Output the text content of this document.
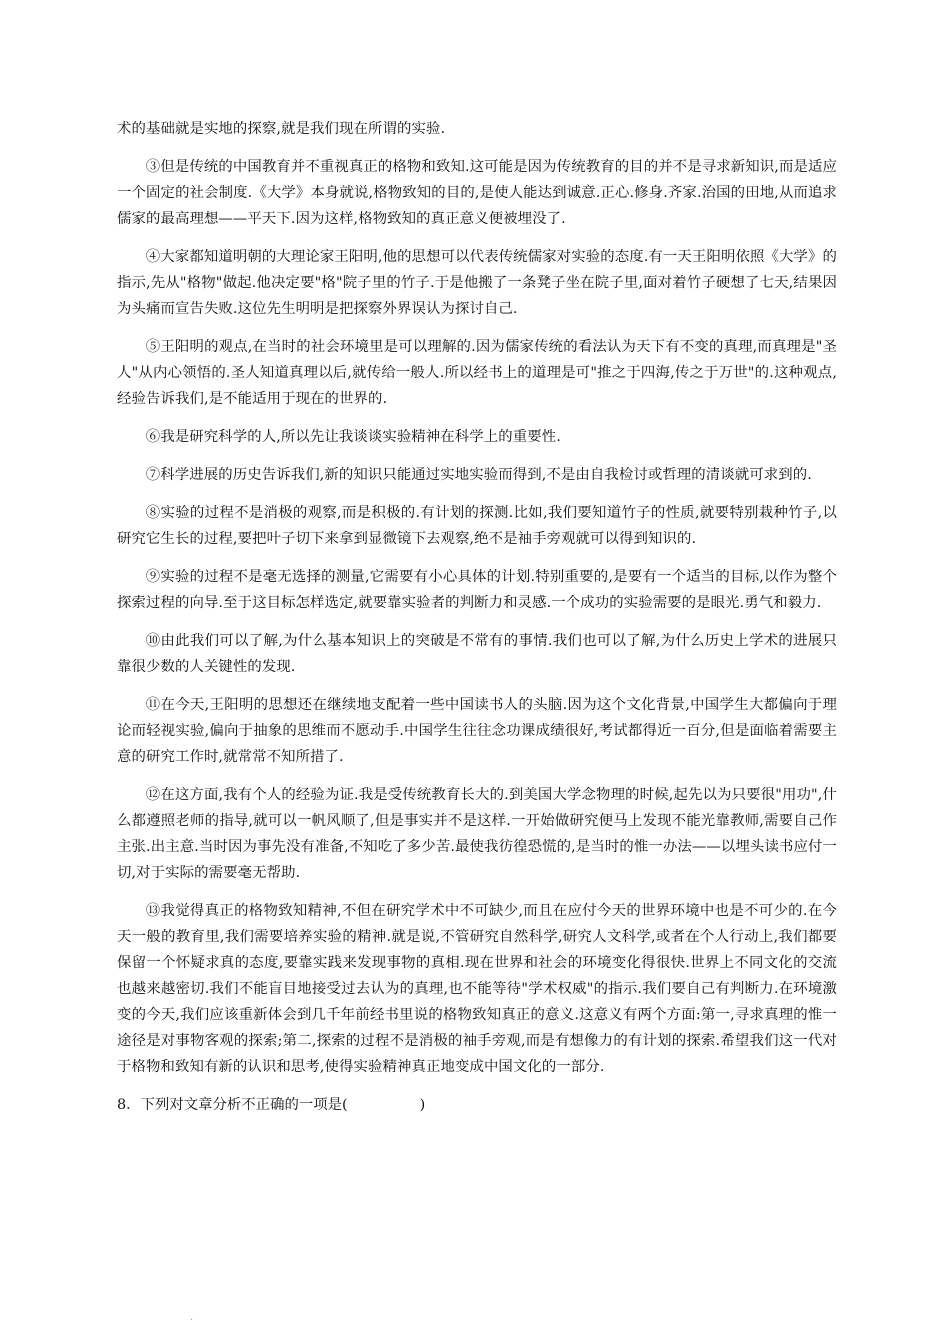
术的基础就是实地的探察,就是我们现在所谓的实验.

③但是传统的中国教育并不重视真正的格物和致知.这可能是因为传统教育的目的并不是寻求新知识,而是适应一个固定的社会制度.《大学》本身就说,格物致知的目的,是使人能达到诚意.正心.修身.齐家.治国的田地,从而追求儒家的最高理想——平天下.因为这样,格物致知的真正意义便被埋没了.

④大家都知道明朝的大理论家王阳明,他的思想可以代表传统儒家对实验的态度.有一天王阳明依照《大学》的指示,先从"格物"做起.他决定要"格"院子里的竹子.于是他搬了一条凳子坐在院子里,面对着竹子硬想了七天,结果因为头痛而宣告失败.这位先生明明是把探察外界误认为探讨自己.

⑤王阳明的观点,在当时的社会环境里是可以理解的.因为儒家传统的看法认为天下有不变的真理,而真理是"圣人"从内心领悟的.圣人知道真理以后,就传给一般人.所以经书上的道理是可"推之于四海,传之于万世"的.这种观点,经验告诉我们,是不能适用于现在的世界的.

⑥我是研究科学的人,所以先让我谈谈实验精神在科学上的重要性.

⑦科学进展的历史告诉我们,新的知识只能通过实地实验而得到,不是由自我检讨或哲理的清谈就可求到的.

⑧实验的过程不是消极的观察,而是积极的.有计划的探测.比如,我们要知道竹子的性质,就要特别栽种竹子,以研究它生长的过程,要把叶子切下来拿到显微镜下去观察,绝不是袖手旁观就可以得到知识的.

⑨实验的过程不是毫无选择的测量,它需要有小心具体的计划.特别重要的,是要有一个适当的目标,以作为整个探索过程的向导.至于这目标怎样选定,就要靠实验者的判断力和灵感.一个成功的实验需要的是眼光.勇气和毅力.

⑩由此我们可以了解,为什么基本知识上的突破是不常有的事情.我们也可以了解,为什么历史上学术的进展只靠很少数的人关键性的发现.

⑪在今天,王阳明的思想还在继续地支配着一些中国读书人的头脑.因为这个文化背景,中国学生大都偏向于理论而轻视实验,偏向于抽象的思维而不愿动手.中国学生往往念功课成绩很好,考试都得近一百分,但是面临着需要主意的研究工作时,就常常不知所措了.

⑫在这方面,我有个人的经验为证.我是受传统教育长大的.到美国大学念物理的时候,起先以为只要很"用功",什么都遵照老师的指导,就可以一帆风顺了,但是事实并不是这样.一开始做研究便马上发现不能光靠教师,需要自己作主张.出主意.当时因为事先没有准备,不知吃了多少苦.最使我彷徨恐慌的,是当时的惟一办法——以埋头读书应付一切,对于实际的需要毫无帮助.

⑬我觉得真正的格物致知精神,不但在研究学术中不可缺少,而且在应付今天的世界环境中也是不可少的.在今天一般的教育里,我们需要培养实验的精神.就是说,不管研究自然科学,研究人文科学,或者在个人行动上,我们都要保留一个怀疑求真的态度,要靠实践来发现事物的真相.现在世界和社会的环境变化得很快.世界上不同文化的交流也越来越密切.我们不能盲目地接受过去认为的真理,也不能等待"学术权威"的指示.我们要自己有判断力.在环境激变的今天,我们应该重新体会到几千年前经书里说的格物致知真正的意义.这意义有两个方面:第一,寻求真理的惟一途径是对事物客观的探索;第二,探索的过程不是消极的袖手旁观,而是有想像力的有计划的探索.希望我们这一代对于格物和致知有新的认识和思考,使得实验精神真正地变成中国文化的一部分.

8．下列对文章分析不正确的一项是(　　　　　)

.
